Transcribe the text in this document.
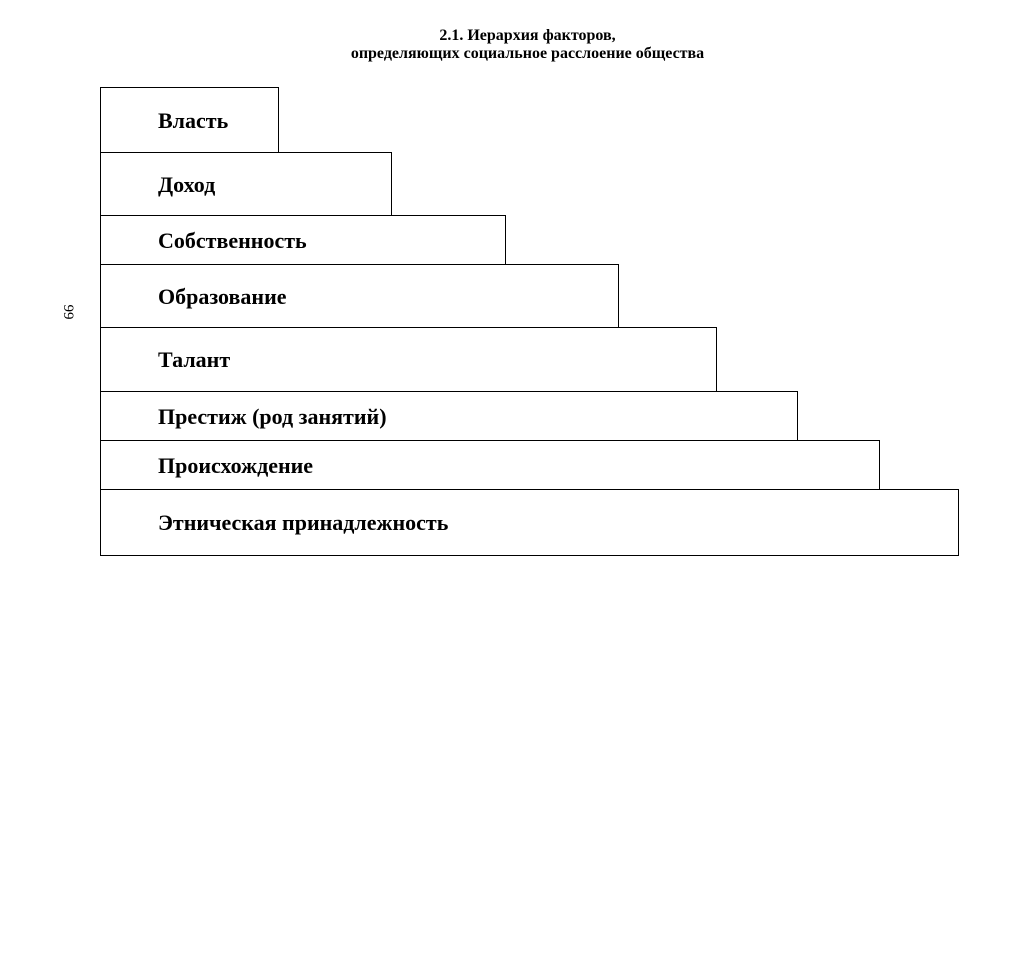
2.1. Иерархия факторов,
определяющих социальное расслоение общества
99
Власть
Доход
Собственность
Образование
Талант
Престиж (род занятий)
Происхождение
Этническая принадлежность
